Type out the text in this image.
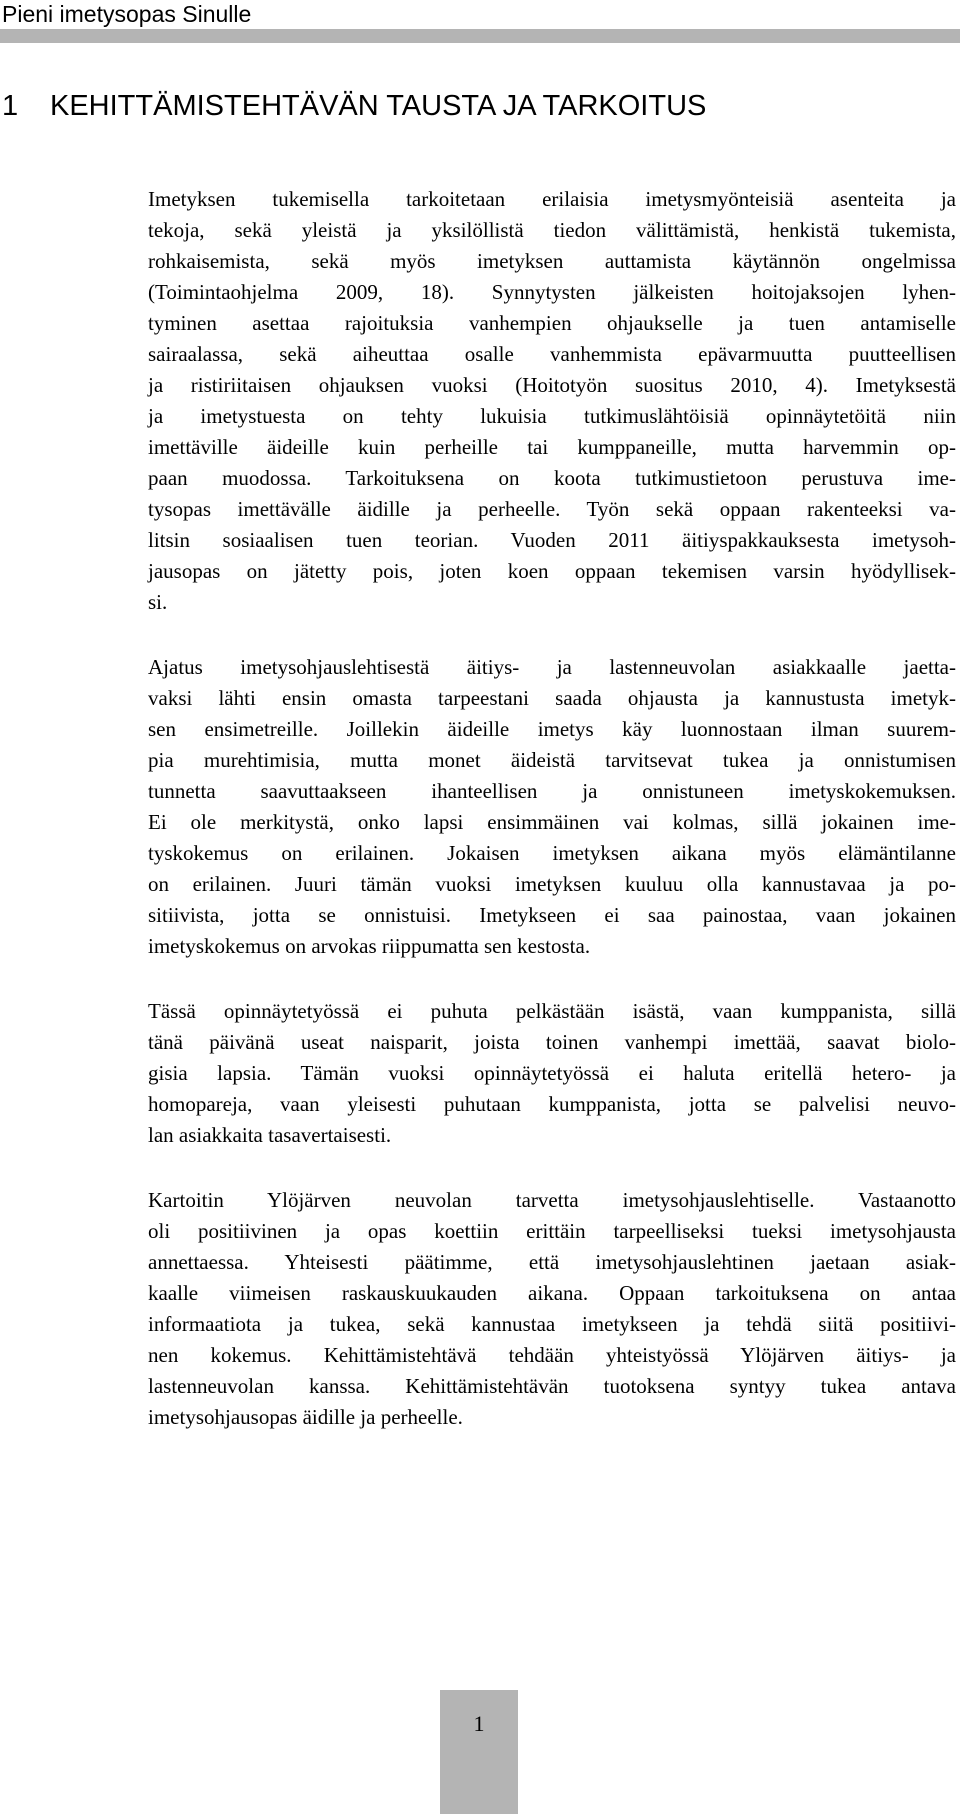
Pieni imetysopas Sinulle
1 KEHITTÄMISTEHTÄVÄN TAUSTA JA TARKOITUS

Imetyksen tukemisella tarkoitetaan erilaisia imetysmyönteisiä asenteita ja
tekoja, sekä yleistä ja yksilöllistä tiedon välittämistä, henkistä tukemista,
rohkaisemista, sekä myös imetyksen auttamista käytännön ongelmissa
(Toimintaohjelma 2009, 18). Synnytysten jälkeisten hoitojaksojen lyhen-
tyminen asettaa rajoituksia vanhempien ohjaukselle ja tuen antamiselle
sairaalassa, sekä aiheuttaa osalle vanhemmista epävarmuutta puutteellisen
ja ristiriitaisen ohjauksen vuoksi (Hoitotyön suositus 2010, 4). Imetyksestä
ja imetystuesta on tehty lukuisia tutkimuslähtöisiä opinnäytetöitä niin
imettäville äideille kuin perheille tai kumppaneille, mutta harvemmin op-
paan muodossa. Tarkoituksena on koota tutkimustietoon perustuva ime-
tysopas imettävälle äidille ja perheelle. Työn sekä oppaan rakenteeksi va-
litsin sosiaalisen tuen teorian. Vuoden 2011 äitiyspakkauksesta imetysoh-
jausopas on jätetty pois, joten koen oppaan tekemisen varsin hyödyllisek-
si.

Ajatus imetysohjauslehtisestä äitiys- ja lastenneuvolan asiakkaalle jaetta-
vaksi lähti ensin omasta tarpeestani saada ohjausta ja kannustusta imetyk-
sen ensimetreille. Joillekin äideille imetys käy luonnostaan ilman suurem-
pia murehtimisia, mutta monet äideistä tarvitsevat tukea ja onnistumisen
tunnetta saavuttaakseen ihanteellisen ja onnistuneen imetyskokemuksen.
Ei ole merkitystä, onko lapsi ensimmäinen vai kolmas, sillä jokainen ime-
tyskokemus on erilainen. Jokaisen imetyksen aikana myös elämäntilanne
on erilainen. Juuri tämän vuoksi imetyksen kuuluu olla kannustavaa ja po-
sitiivista, jotta se onnistuisi. Imetykseen ei saa painostaa, vaan jokainen
imetyskokemus on arvokas riippumatta sen kestosta.

Tässä opinnäytetyössä ei puhuta pelkästään isästä, vaan kumppanista, sillä
tänä päivänä useat naisparit, joista toinen vanhempi imettää, saavat biolo-
gisia lapsia. Tämän vuoksi opinnäytetyössä ei haluta eritellä hetero- ja
homopareja, vaan yleisesti puhutaan kumppanista, jotta se palvelisi neuvo-
lan asiakkaita tasavertaisesti.

Kartoitin Ylöjärven neuvolan tarvetta imetysohjauslehtiselle. Vastaanotto
oli positiivinen ja opas koettiin erittäin tarpeelliseksi tueksi imetysohjausta
annettaessa. Yhteisesti päätimme, että imetysohjauslehtinen jaetaan asiak-
kaalle viimeisen raskauskuukauden aikana. Oppaan tarkoituksena on antaa
informaatiota ja tukea, sekä kannustaa imetykseen ja tehdä siitä positiivi-
nen kokemus. Kehittämistehtävä tehdään yhteistyössä Ylöjärven äitiys- ja
lastenneuvolan kanssa. Kehittämistehtävän tuotoksena syntyy tukea antava
imetysohjausopas äidille ja perheelle.

1
